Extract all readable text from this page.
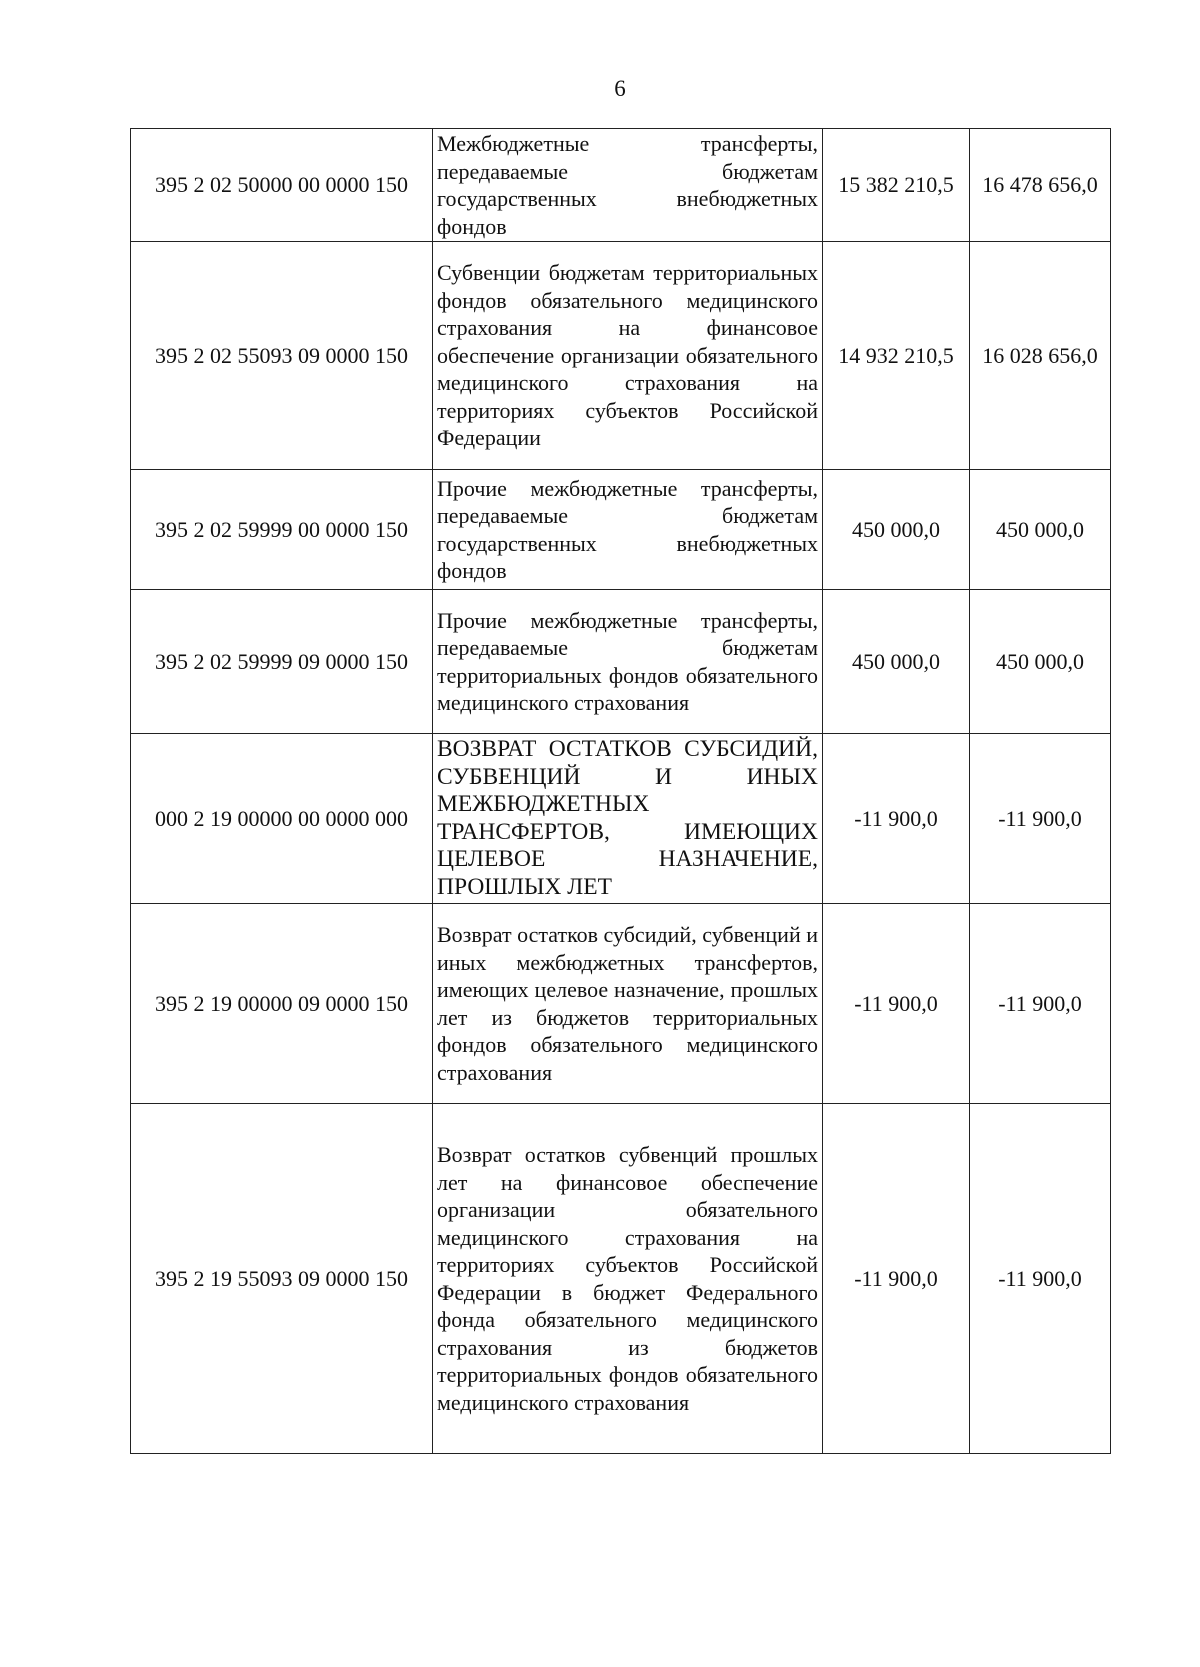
6
395 2 02 50000 00 0000 150	Межбюджетные трансферты, передаваемые бюджетам государственных внебюджетных фондов	15 382 210,5	16 478 656,0
395 2 02 55093 09 0000 150	Субвенции бюджетам территориальных фондов обязательного медицинского страхования на финансовое обеспечение организации обязательного медицинского страхования на территориях субъектов Российской Федерации	14 932 210,5	16 028 656,0
395 2 02 59999 00 0000 150	Прочие межбюджетные трансферты, передаваемые бюджетам государственных внебюджетных фондов	450 000,0	450 000,0
395 2 02 59999 09 0000 150	Прочие межбюджетные трансферты, передаваемые бюджетам территориальных фондов обязательного медицинского страхования	450 000,0	450 000,0
000 2 19 00000 00 0000 000	ВОЗВРАТ ОСТАТКОВ СУБСИДИЙ, СУБВЕНЦИЙ И ИНЫХ МЕЖБЮДЖЕТНЫХ ТРАНСФЕРТОВ, ИМЕЮЩИХ ЦЕЛЕВОЕ НАЗНАЧЕНИЕ, ПРОШЛЫХ ЛЕТ	-11 900,0	-11 900,0
395 2 19 00000 09 0000 150	Возврат остатков субсидий, субвенций и иных межбюджетных трансфертов, имеющих целевое назначение, прошлых лет из бюджетов территориальных фондов обязательного медицинского страхования	-11 900,0	-11 900,0
395 2 19 55093 09 0000 150	Возврат остатков субвенций прошлых лет на финансовое обеспечение организации обязательного медицинского страхования на территориях субъектов Российской Федерации в бюджет Федерального фонда обязательного медицинского страхования из бюджетов территориальных фондов обязательного медицинского страхования	-11 900,0	-11 900,0
